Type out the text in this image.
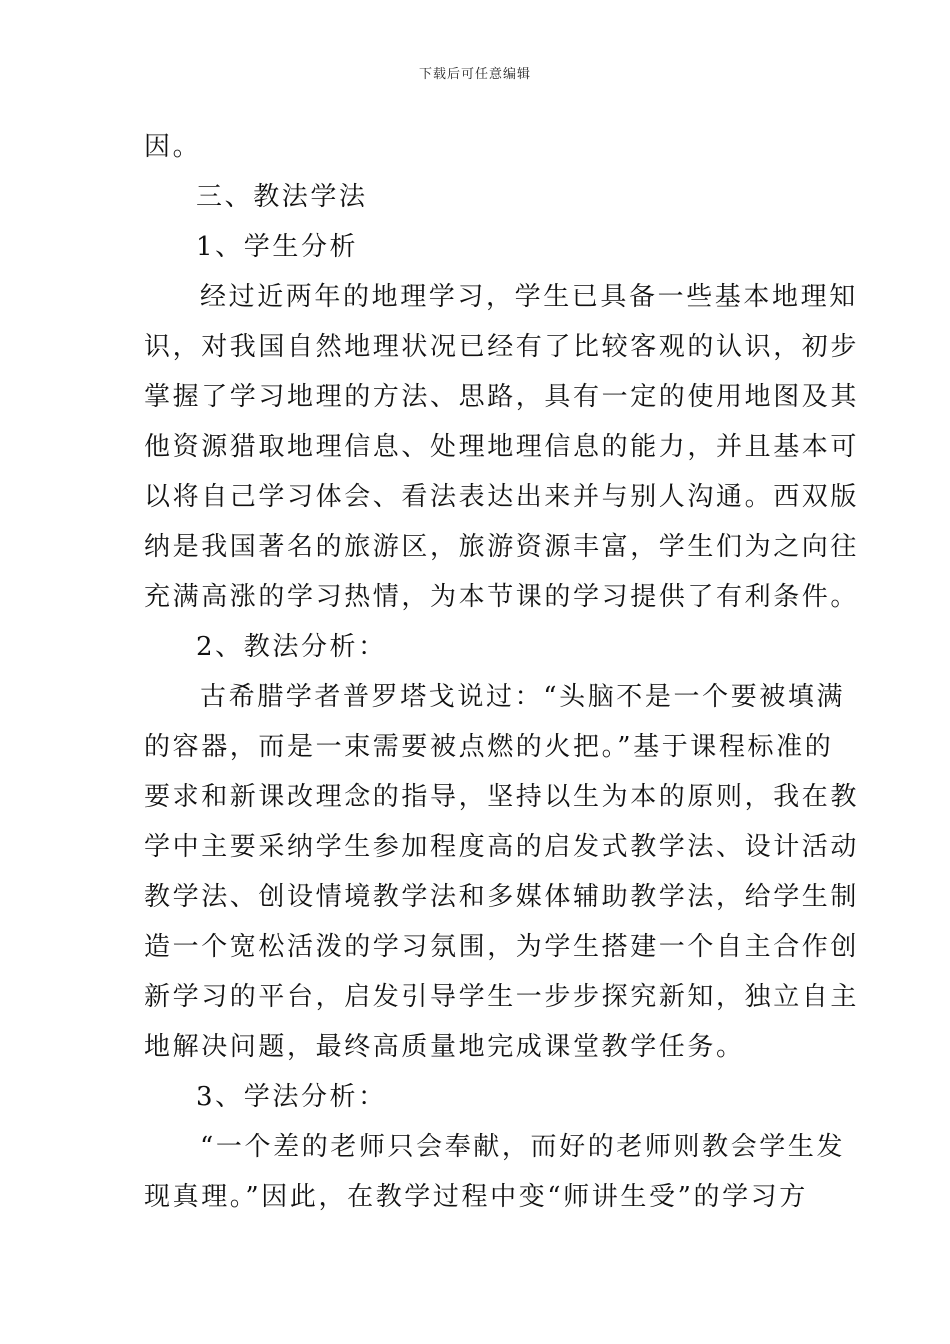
下载后可任意编辑
因。
三、教法学法
1、学生分析
经过近两年的地理学习，学生已具备一些基本地理知
识，对我国自然地理状况已经有了比较客观的认识，初步
掌握了学习地理的方法、思路，具有一定的使用地图及其
他资源猎取地理信息、处理地理信息的能力，并且基本可
以将自己学习体会、看法表达出来并与别人沟通。西双版
纳是我国著名的旅游区，旅游资源丰富，学生们为之向往
充满高涨的学习热情，为本节课的学习提供了有利条件。
2、教法分析：
古希腊学者普罗塔戈说过：“头脑不是一个要被填满
的容器，而是一束需要被点燃的火把。”基于课程标准的
要求和新课改理念的指导，坚持以生为本的原则，我在教
学中主要采纳学生参加程度高的启发式教学法、设计活动
教学法、创设情境教学法和多媒体辅助教学法，给学生制
造一个宽松活泼的学习氛围，为学生搭建一个自主合作创
新学习的平台，启发引导学生一步步探究新知，独立自主
地解决问题，最终高质量地完成课堂教学任务。
3、学法分析：
“一个差的老师只会奉献，而好的老师则教会学生发
现真理。”因此，在教学过程中变“师讲生受”的学习方
